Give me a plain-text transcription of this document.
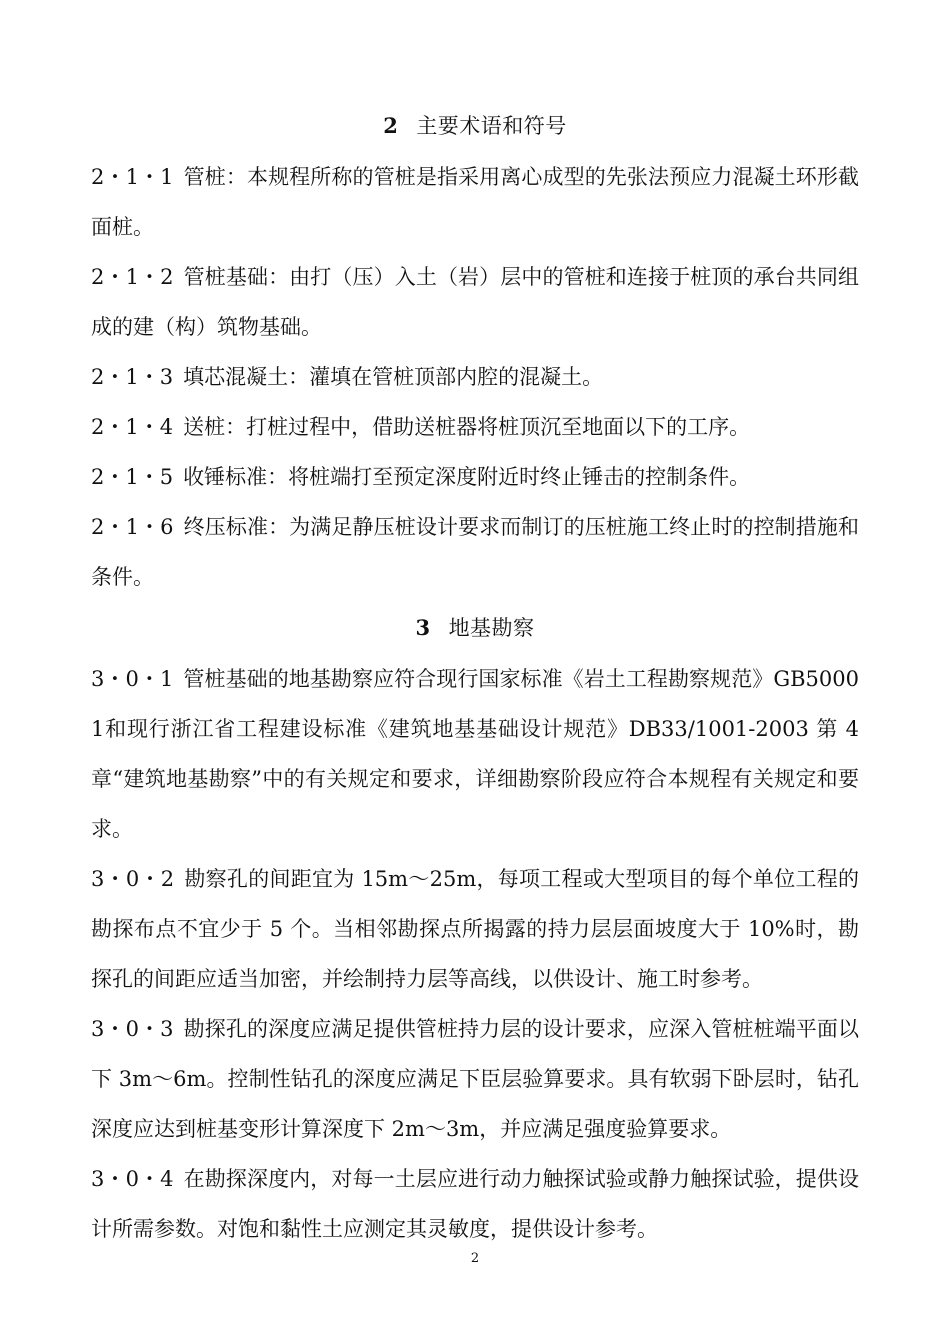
2 主要术语和符号

2・1・1 管桩：本规程所称的管桩是指采用离心成型的先张法预应力混凝土环形截面桩。

2・1・2 管桩基础：由打（压）入土（岩）层中的管桩和连接于桩顶的承台共同组成的建（构）筑物基础。

2・1・3 填芯混凝土：灌填在管桩顶部内腔的混凝土。

2・1・4 送桩：打桩过程中，借助送桩器将桩顶沉至地面以下的工序。

2・1・5 收锤标准：将桩端打至预定深度附近时终止锤击的控制条件。

2・1・6 终压标准：为满足静压桩设计要求而制订的压桩施工终止时的控制措施和条件。

3 地基勘察

3・0・1 管桩基础的地基勘察应符合现行国家标准《岩土工程勘察规范》GB50001和现行浙江省工程建设标准《建筑地基基础设计规范》DB33/1001-2003 第 4 章“建筑地基勘察”中的有关规定和要求，详细勘察阶段应符合本规程有关规定和要求。

3・0・2 勘察孔的间距宜为 15m～25m，每项工程或大型项目的每个单位工程的勘探布点不宜少于 5 个。当相邻勘探点所揭露的持力层层面坡度大于 10%时，勘探孔的间距应适当加密，并绘制持力层等高线，以供设计、施工时参考。

3・0・3 勘探孔的深度应满足提供管桩持力层的设计要求，应深入管桩桩端平面以下 3m～6m。控制性钻孔的深度应满足下臣层验算要求。具有软弱下卧层时，钻孔深度应达到桩基变形计算深度下 2m～3m，并应满足强度验算要求。

3・0・4 在勘探深度内，对每一土层应进行动力触探试验或静力触探试验，提供设计所需参数。对饱和黏性土应测定其灵敏度，提供设计参考。

2
